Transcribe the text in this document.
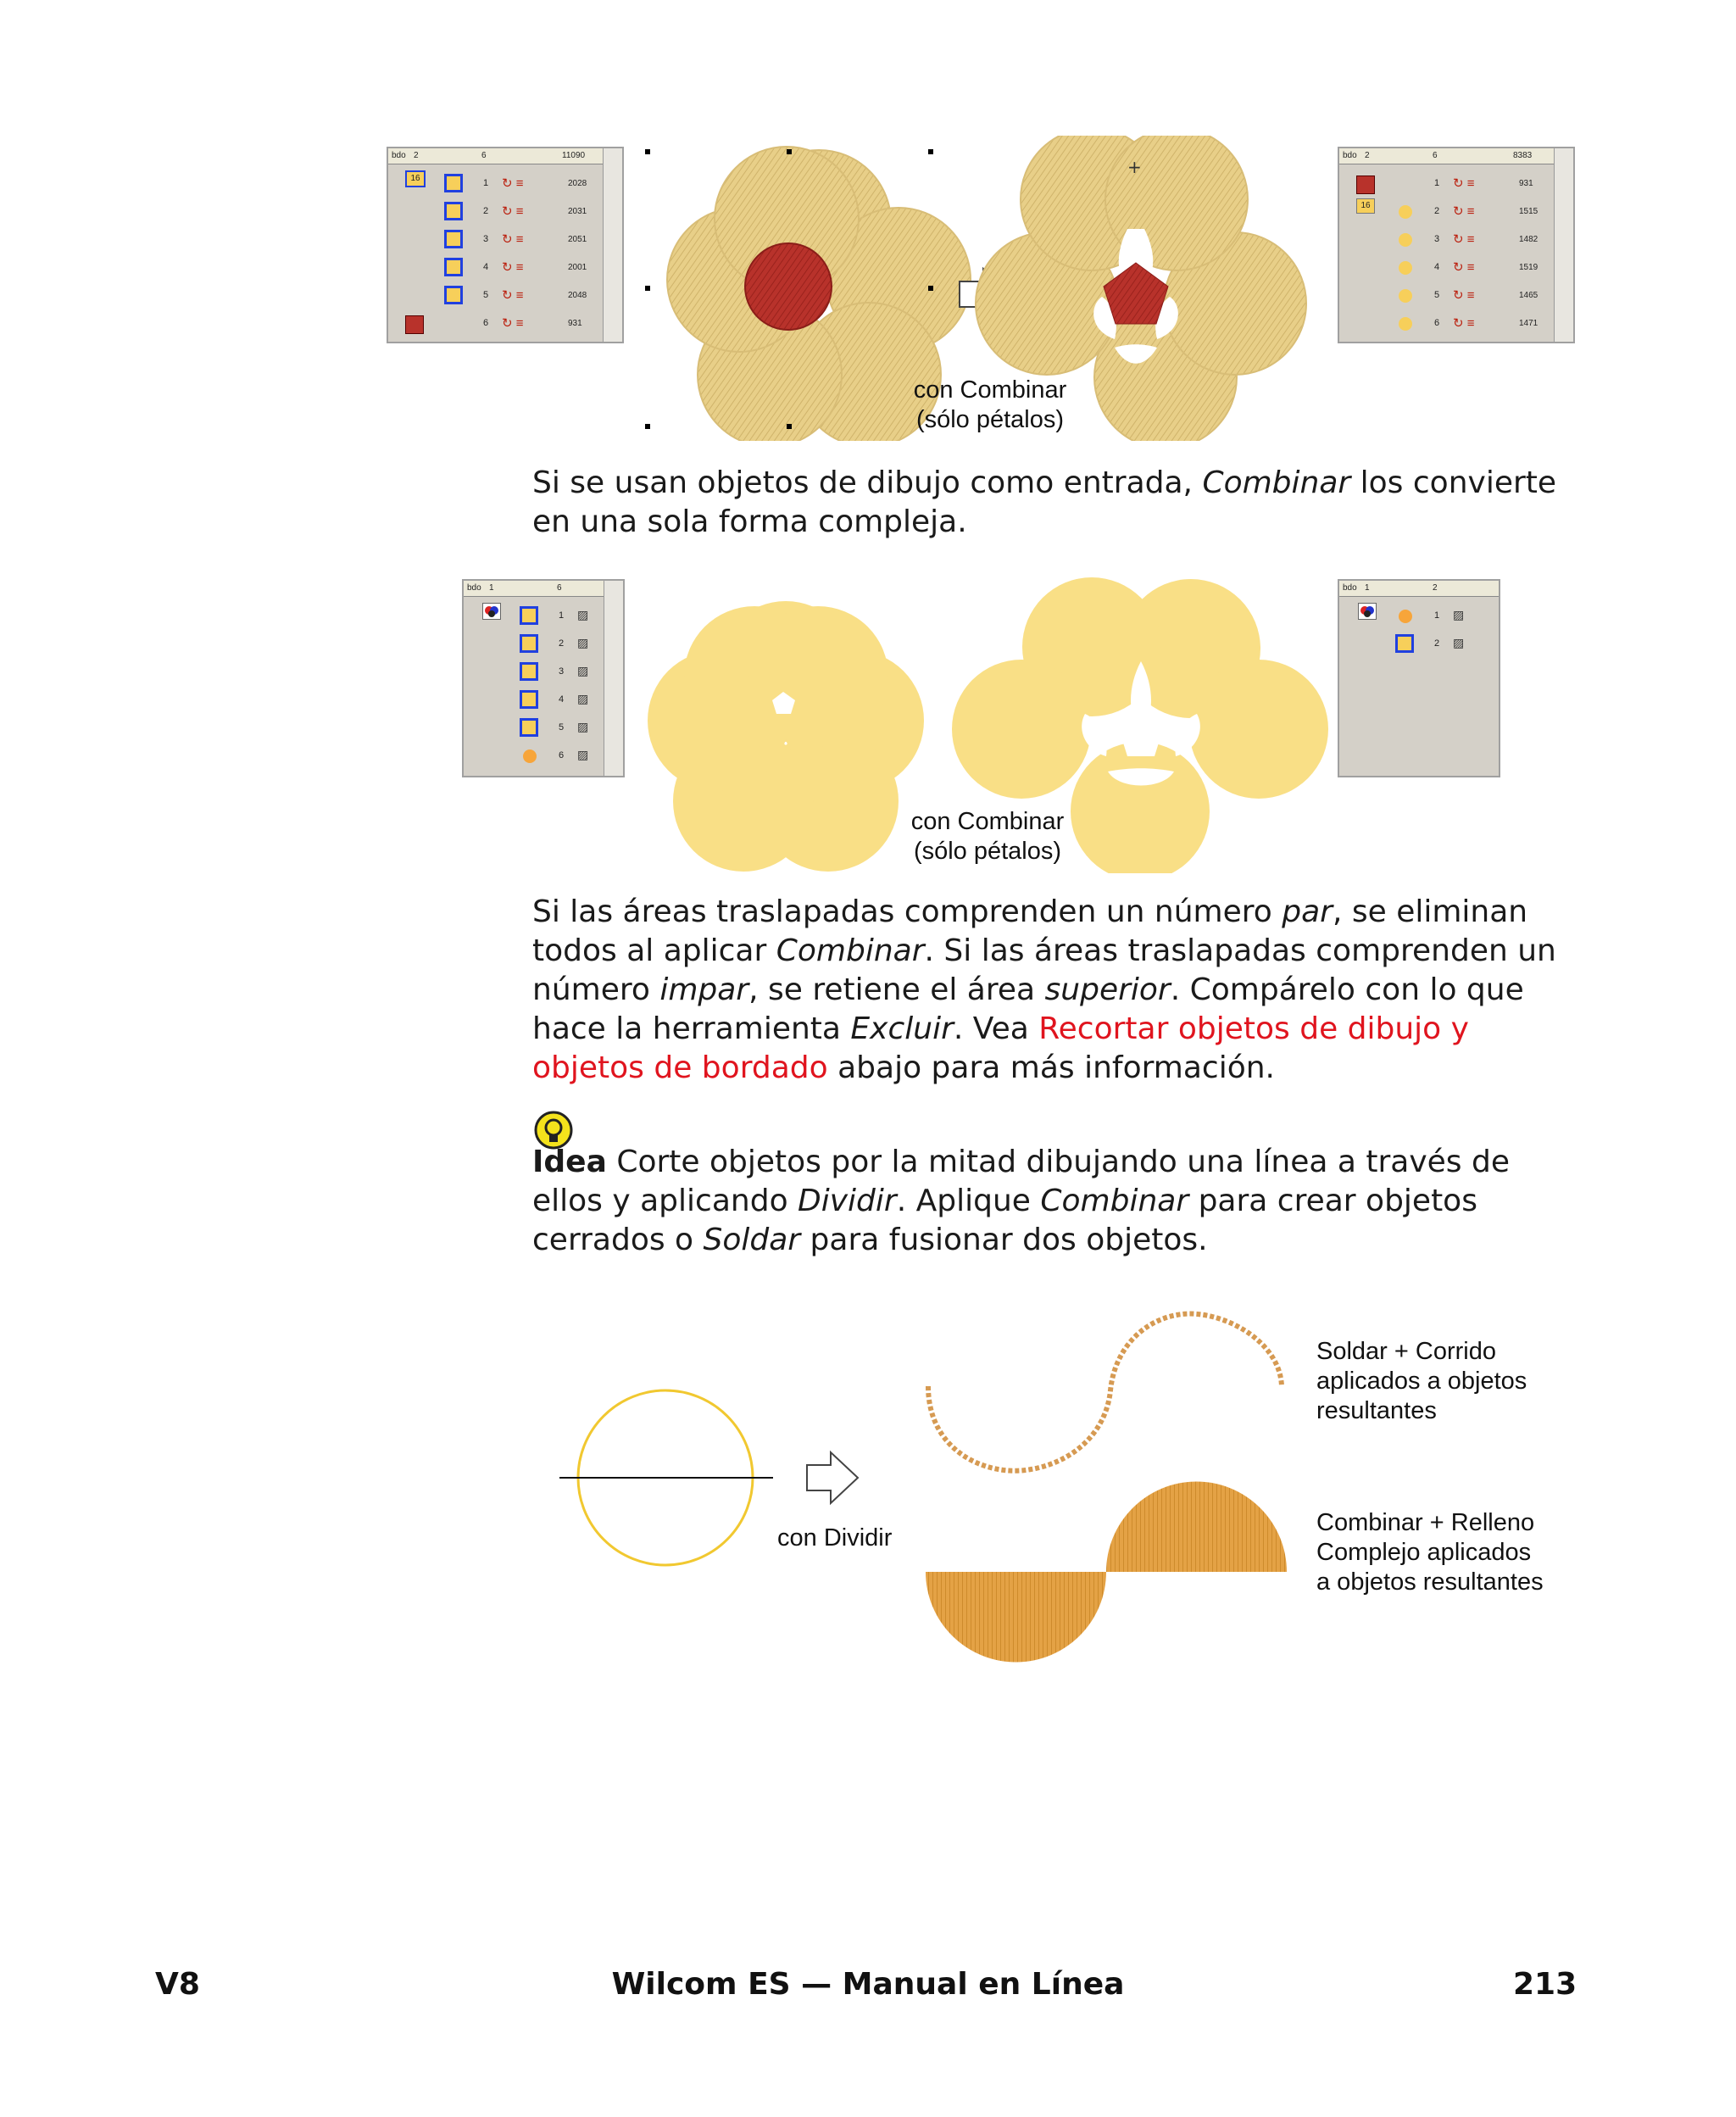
bdo 2	6	11090
16	1 ↻ ≡	2028
2 ↻ ≡	2031
3 ↻ ≡	2051
4 ↻ ≡	2001
5 ↻ ≡	2048
6 ↻ ≡	931
+
con Combinar
(sólo pétalos)
bdo 2	6	8383
16
1 ↻ ≡	931
2 ↻ ≡	1515
3 ↻ ≡	1482
4 ↻ ≡	1519
5 ↻ ≡	1465
6 ↻ ≡	1471
Si se usan objetos de dibujo como entrada, Combinar los convierte en una sola forma compleja.
bdo 1	6
1 ▨
2 ▨
3 ▨
4 ▨
5 ▨
6 ▨
con Combinar
(sólo pétalos)
bdo 1	2
1 ▨
2 ▨
Si las áreas traslapadas comprenden un número par, se eliminan todos al aplicar Combinar. Si las áreas traslapadas comprenden un número impar, se retiene el área superior. Compárelo con lo que hace la herramienta Excluir. Vea Recortar objetos de dibujo y objetos de bordado abajo para más información.
Idea Corte objetos por la mitad dibujando una línea a través de ellos y aplicando Dividir. Aplique Combinar para crear objetos cerrados o Soldar para fusionar dos objetos.
con Dividir
Soldar + Corrido
aplicados a objetos
resultantes
Combinar + Relleno
Complejo aplicados
a objetos resultantes
V8	Wilcom ES — Manual en Línea	213
